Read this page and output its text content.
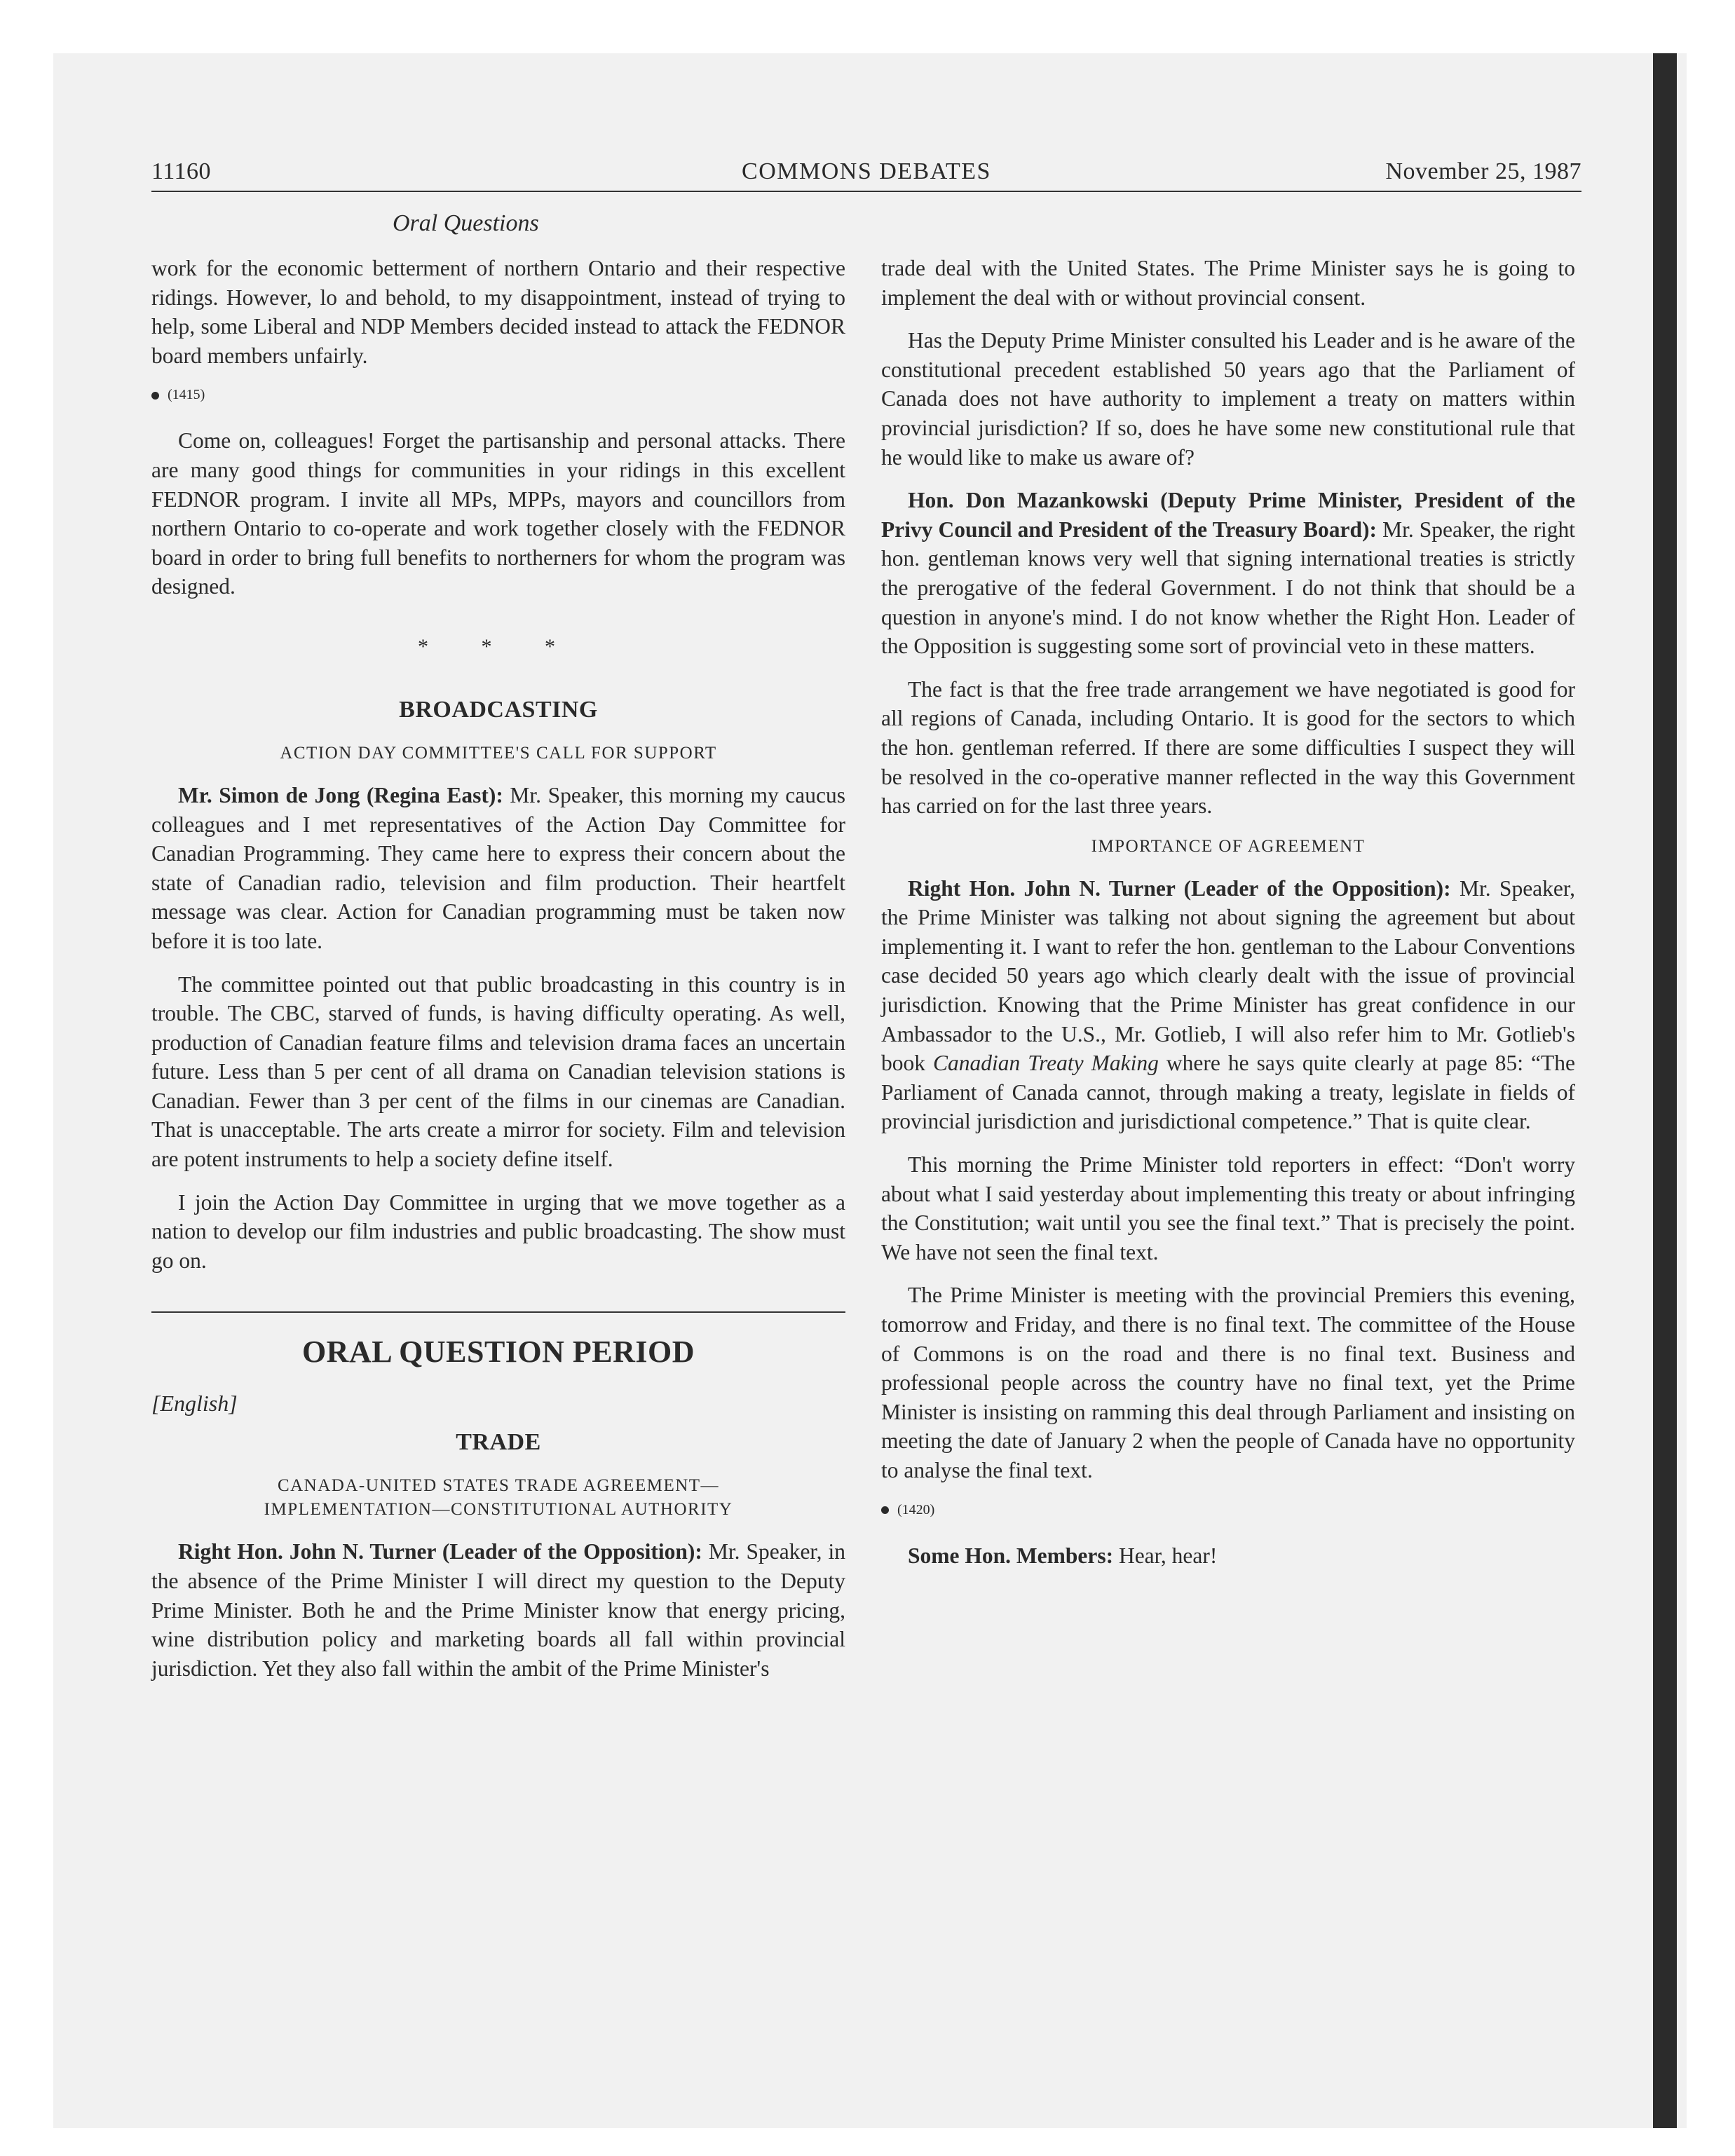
11160	COMMONS DEBATES	November 25, 1987
Oral Questions

work for the economic betterment of northern Ontario and their respective ridings. However, lo and behold, to my disappointment, instead of trying to help, some Liberal and NDP Members decided instead to attack the FEDNOR board members unfairly.

(1415)

Come on, colleagues! Forget the partisanship and personal attacks. There are many good things for communities in your ridings in this excellent FEDNOR program. I invite all MPs, MPPs, mayors and councillors from northern Ontario to co-operate and work together closely with the FEDNOR board in order to bring full benefits to northerners for whom the program was designed.

* * *
BROADCASTING
ACTION DAY COMMITTEE'S CALL FOR SUPPORT

Mr. Simon de Jong (Regina East): Mr. Speaker, this morning my caucus colleagues and I met representatives of the Action Day Committee for Canadian Programming. They came here to express their concern about the state of Canadian radio, television and film production. Their heartfelt message was clear. Action for Canadian programming must be taken now before it is too late.

The committee pointed out that public broadcasting in this country is in trouble. The CBC, starved of funds, is having difficulty operating. As well, production of Canadian feature films and television drama faces an uncertain future. Less than 5 per cent of all drama on Canadian television stations is Canadian. Fewer than 3 per cent of the films in our cinemas are Canadian. That is unacceptable. The arts create a mirror for society. Film and television are potent instruments to help a society define itself.

I join the Action Day Committee in urging that we move together as a nation to develop our film industries and public broadcasting. The show must go on.

ORAL QUESTION PERIOD
[English]
TRADE
CANADA-UNITED STATES TRADE AGREEMENT—
IMPLEMENTATION—CONSTITUTIONAL AUTHORITY

Right Hon. John N. Turner (Leader of the Opposition): Mr. Speaker, in the absence of the Prime Minister I will direct my question to the Deputy Prime Minister. Both he and the Prime Minister know that energy pricing, wine distribution policy and marketing boards all fall within provincial jurisdiction. Yet they also fall within the ambit of the Prime Minister's

trade deal with the United States. The Prime Minister says he is going to implement the deal with or without provincial consent.

Has the Deputy Prime Minister consulted his Leader and is he aware of the constitutional precedent established 50 years ago that the Parliament of Canada does not have authority to implement a treaty on matters within provincial jurisdiction? If so, does he have some new constitutional rule that he would like to make us aware of?

Hon. Don Mazankowski (Deputy Prime Minister, President of the Privy Council and President of the Treasury Board): Mr. Speaker, the right hon. gentleman knows very well that signing international treaties is strictly the prerogative of the federal Government. I do not think that should be a question in anyone's mind. I do not know whether the Right Hon. Leader of the Opposition is suggesting some sort of provincial veto in these matters.

The fact is that the free trade arrangement we have negotiated is good for all regions of Canada, including Ontario. It is good for the sectors to which the hon. gentleman referred. If there are some difficulties I suspect they will be resolved in the co-operative manner reflected in the way this Government has carried on for the last three years.

IMPORTANCE OF AGREEMENT

Right Hon. John N. Turner (Leader of the Opposition): Mr. Speaker, the Prime Minister was talking not about signing the agreement but about implementing it. I want to refer the hon. gentleman to the Labour Conventions case decided 50 years ago which clearly dealt with the issue of provincial jurisdiction. Knowing that the Prime Minister has great confidence in our Ambassador to the U.S., Mr. Gotlieb, I will also refer him to Mr. Gotlieb's book Canadian Treaty Making where he says quite clearly at page 85: “The Parliament of Canada cannot, through making a treaty, legislate in fields of provincial jurisdiction and jurisdictional competence.” That is quite clear.

This morning the Prime Minister told reporters in effect: “Don't worry about what I said yesterday about implementing this treaty or about infringing the Constitution; wait until you see the final text.” That is precisely the point. We have not seen the final text.

The Prime Minister is meeting with the provincial Premiers this evening, tomorrow and Friday, and there is no final text. The committee of the House of Commons is on the road and there is no final text. Business and professional people across the country have no final text, yet the Prime Minister is insisting on ramming this deal through Parliament and insisting on meeting the date of January 2 when the people of Canada have no opportunity to analyse the final text.

(1420)

Some Hon. Members: Hear, hear!
